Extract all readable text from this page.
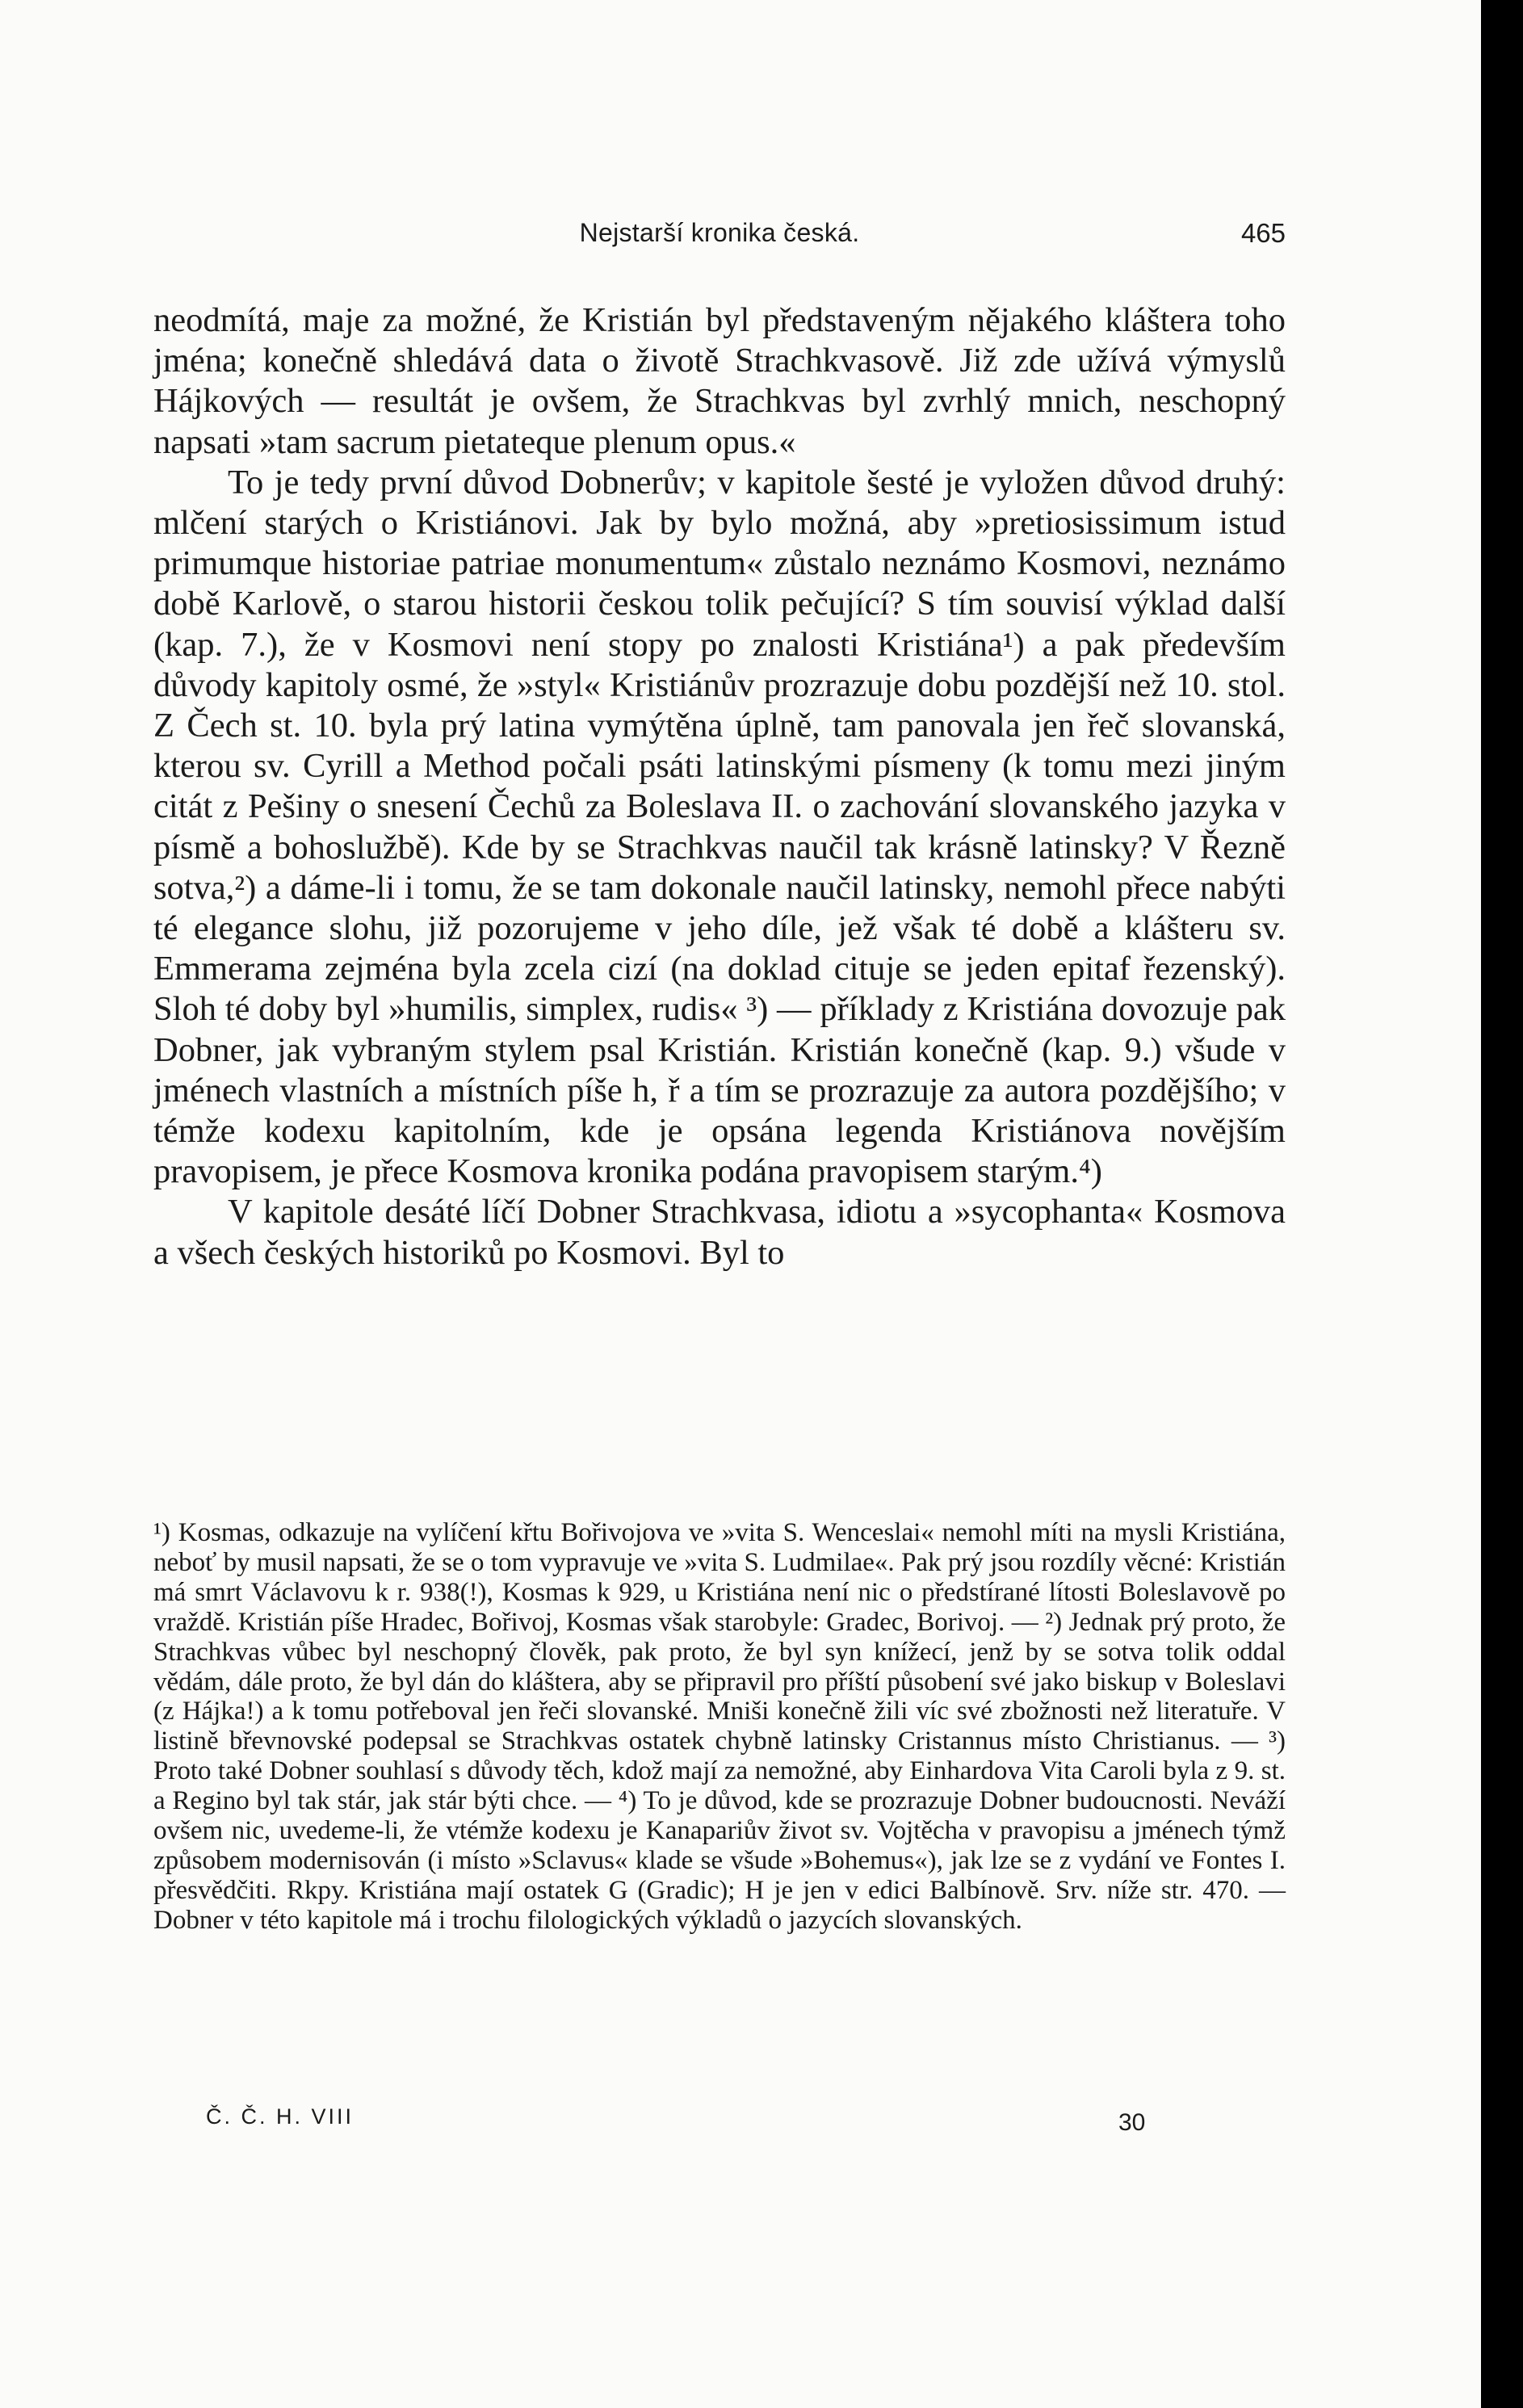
Nejstarší kronika česká.	465

neodmítá, maje za možné, že Kristián byl představeným nějakého kláštera toho jména; konečně shledává data o životě Strachkvasově. Již zde užívá výmyslů Hájkových — resultát je ovšem, že Strachkvas byl zvrhlý mnich, neschopný napsati »tam sacrum pietateque plenum opus.«

To je tedy první důvod Dobnerův; v kapitole šesté je vyložen důvod druhý: mlčení starých o Kristiánovi. Jak by bylo možná, aby »pretiosissimum istud primumque historiae patriae monumentum« zůstalo neznámo Kosmovi, neznámo době Karlově, o starou historii českou tolik pečující? S tím souvisí výklad další (kap. 7.), že v Kosmovi není stopy po znalosti Kristiána¹) a pak především důvody kapitoly osmé, že »styl« Kristiánův prozrazuje dobu pozdější než 10. stol. Z Čech st. 10. byla prý latina vymýtěna úplně, tam panovala jen řeč slovanská, kterou sv. Cyrill a Method počali psáti latinskými písmeny (k tomu mezi jiným citát z Pešiny o snesení Čechů za Boleslava II. o zachování slovanského jazyka v písmě a bohoslužbě). Kde by se Strachkvas naučil tak krásně latinsky? V Řezně sotva,²) a dáme-li i tomu, že se tam dokonale naučil latinsky, nemohl přece nabýti té elegance slohu, již pozorujeme v jeho díle, jež však té době a klášteru sv. Emmerama zejména byla zcela cizí (na doklad cituje se jeden epitaf řezenský). Sloh té doby byl »humilis, simplex, rudis« ³) — příklady z Kristiána dovozuje pak Dobner, jak vybraným stylem psal Kristián. Kristián konečně (kap. 9.) všude v jménech vlastních a místních píše h, ř a tím se prozrazuje za autora pozdějšího; v témže kodexu kapitolním, kde je opsána legenda Kristiánova novějším pravopisem, je přece Kosmova kronika podána pravopisem starým.⁴)

V kapitole desáté líčí Dobner Strachkvasa, idiotu a »sycophanta« Kosmova a všech českých historiků po Kosmovi. Byl to

¹) Kosmas, odkazuje na vylíčení křtu Bořivojova ve »vita S. Wenceslai« nemohl míti na mysli Kristiána, neboť by musil napsati, že se o tom vypravuje ve »vita S. Ludmilae«. Pak prý jsou rozdíly věcné: Kristián má smrt Václavovu k r. 938(!), Kosmas k 929, u Kristiána není nic o předstírané lítosti Boleslavově po vraždě. Kristián píše Hradec, Bořivoj, Kosmas však starobyle: Gradec, Borivoj. — ²) Jednak prý proto, že Strachkvas vůbec byl neschopný člověk, pak proto, že byl syn knížecí, jenž by se sotva tolik oddal vědám, dále proto, že byl dán do kláštera, aby se připravil pro příští působení své jako biskup v Boleslavi (z Hájka!) a k tomu potřeboval jen řeči slovanské. Mniši konečně žili víc své zbožnosti než literatuře. V listině břevnovské podepsal se Strachkvas ostatek chybně latinsky Cristannus místo Christianus. — ³) Proto také Dobner souhlasí s důvody těch, kdož mají za nemožné, aby Einhardova Vita Caroli byla z 9. st. a Regino byl tak stár, jak stár býti chce. — ⁴) To je důvod, kde se prozrazuje Dobner budoucnosti. Neváží ovšem nic, uvedeme-li, že vtémže kodexu je Kanapariův život sv. Vojtěcha v pravopisu a jménech týmž způsobem modernisován (i místo »Sclavus« klade se všude »Bohemus«), jak lze se z vydání ve Fontes I. přesvědčiti. Rkpy. Kristiána mají ostatek G (Gradic); H je jen v edici Balbínově. Srv. níže str. 470. — Dobner v této kapitole má i trochu filologických výkladů o jazycích slovanských.

Č. Č. H. VIII	30
